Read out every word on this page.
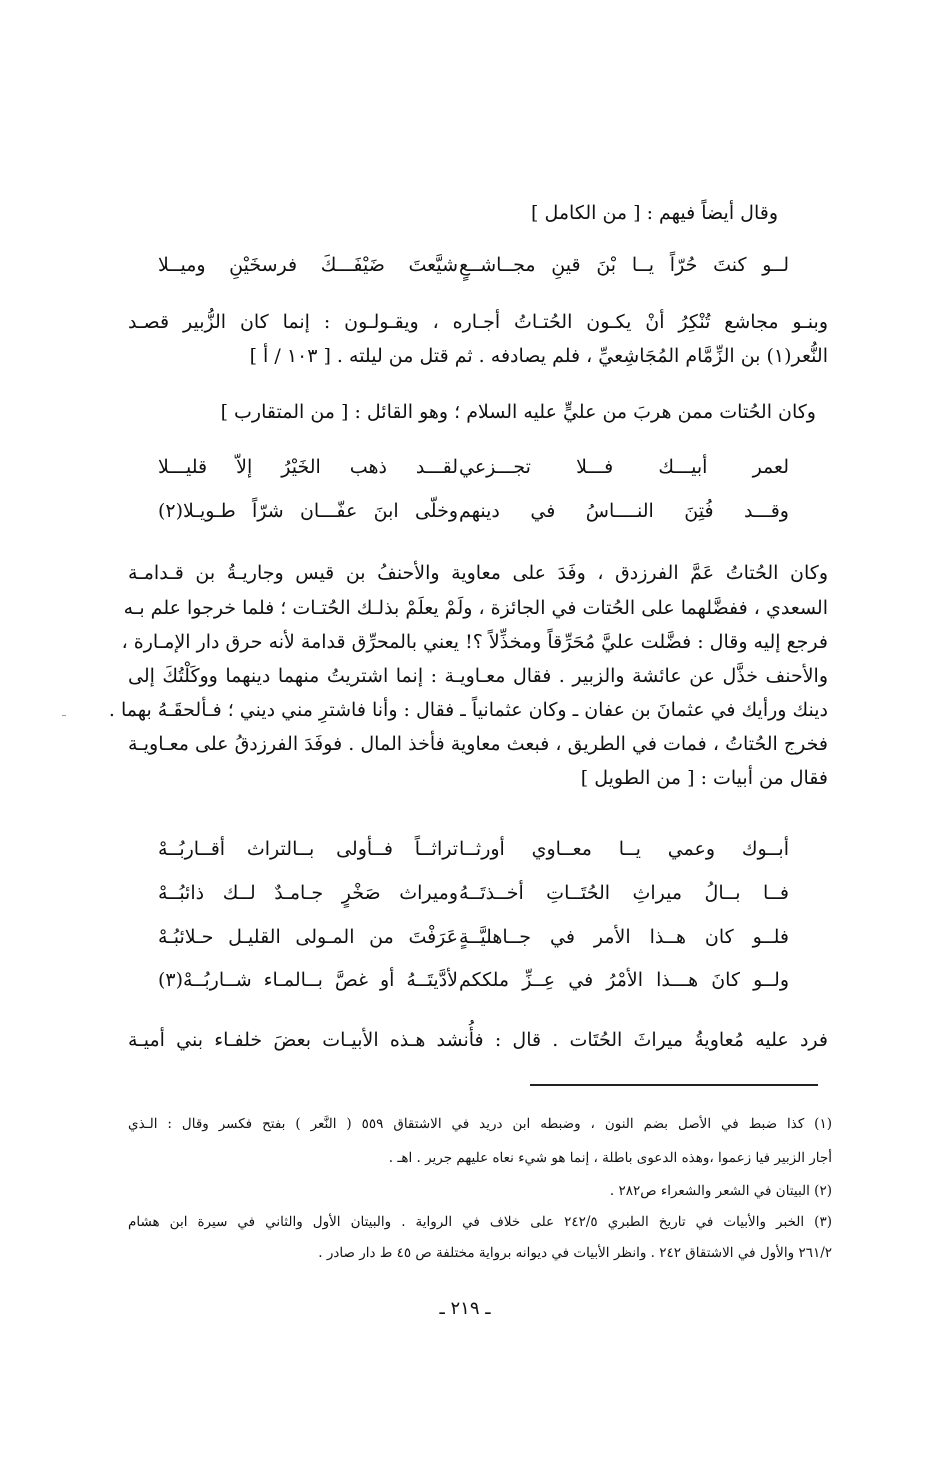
وقال أيضاً فيهم : [ من الكامل ]
لــو كنتَ حُرّاً يــا بْنَ قينِ مجــاشــعٍ
شيَّعتَ ضَيْفَـــكَ فرسخَيْنِ وميــلا
وبنـو مجاشع تُنْكِرُ أنْ يكـون الحُتـاتُ أجـاره ، ويقـولـون : إنما كان الزُّبير قصـد
النُّعر(١) بن الزِّمَّام المُجَاشِعيِّ ، فلم يصادفه . ثم قتل من ليلته . [ ١٠٣ / أ ]
وكان الحُتات ممن هربَ من عليٍّ عليه السلام ؛ وهو القائل : [ من المتقارب ]
لعمر أبيـــك فـــلا تجـــزعي
لقـــد ذهب الخَيْرُ إلاّ قليـــلا
وقـــد فُتِنَ النــــاسُ في دينهم
وخلّى ابنَ عفّـــان شرّاً طـويـلا(٢)
وكان الحُتاتُ عَمَّ الفرزدق ، وفَدَ على معاوية والأحنفُ بن قيس وجاريـةُ بن قـدامـة
السعدي ، ففضَّلهما على الحُتات في الجائزة ، ولَمْ يعلَمْ بذلـك الحُتـات ؛ فلما خرجوا علم بـه
فرجع إليه وقال : فضَّلت عليَّ مُحَرِّقاً ومخذِّلاً ؟! يعني بالمحرِّق قدامة لأنه حرق دار الإمـارة ،
والأحنف خذَّل عن عائشة والزبير . فقال معـاويـة : إنما اشتريتُ منهما دينهما ووكَلْتُكَ إلى
دينك ورأيك في عثمانَ بن عفان ـ وكان عثمانياً ـ فقال : وأنا فاشترِ مني ديني ؛ فـألحقَـهُ بهما .
فخرج الحُتاتُ ، فمات في الطريق ، فبعث معاوية فأخذ المال . فوفَدَ الفرزدقُ على معـاويـة
فقال من أبيات : [ من الطويل ]
أبــوك وعمي يــا معــاوي أورثــا
تراثــاً فــأولى بــالتراث أقــاربُــهْ
فــا بــالُ ميراثِ الحُتَــاتِ أخــذتَــهُ
وميراث صَخْرٍ جـامـدٌ لــك ذائبُــهْ
فلــو كان هــذا الأمر في جــاهليَّــةٍ
عَرَفْتَ من المـولى القليـل حـلائبُـهْ
ولــو كانَ هـــذا الأمْرُ في عِــزِّ ملككم
لأدَّيتَــهُ أو غصَّ بــالمـاء شــاربُــهْ(٣)
فرد عليه مُعاويةُ ميراثَ الحُتَات . قال : فأُنشد هـذه الأبيـات بعضَ خلفـاء بني أميـة
(١) كذا ضبط في الأصل بضم النون ، وضبطه ابن دريد في الاشتقاق ٥٥٩ ( النَّعر ) بفتح فكسر وقال : الـذي
أجار الزبير فيا زعموا ،وهذه الدعوى باطلة ، إنما هو شيء نعاه عليهم جرير . اهـ .
(٢) البيتان في الشعر والشعراء ص٢٨٢ .
(٣) الخبر والأبيات في تاريخ الطبري ٢٤٢/٥ على خلاف في الرواية . والبيتان الأول والثاني في سيرة ابن هشام
٢٦١/٢ والأول في الاشتقاق ٢٤٢ . وانظر الأبيات في ديوانه برواية مختلفة ص ٤٥ ط دار صادر .
ـ ٢١٩ ـ
